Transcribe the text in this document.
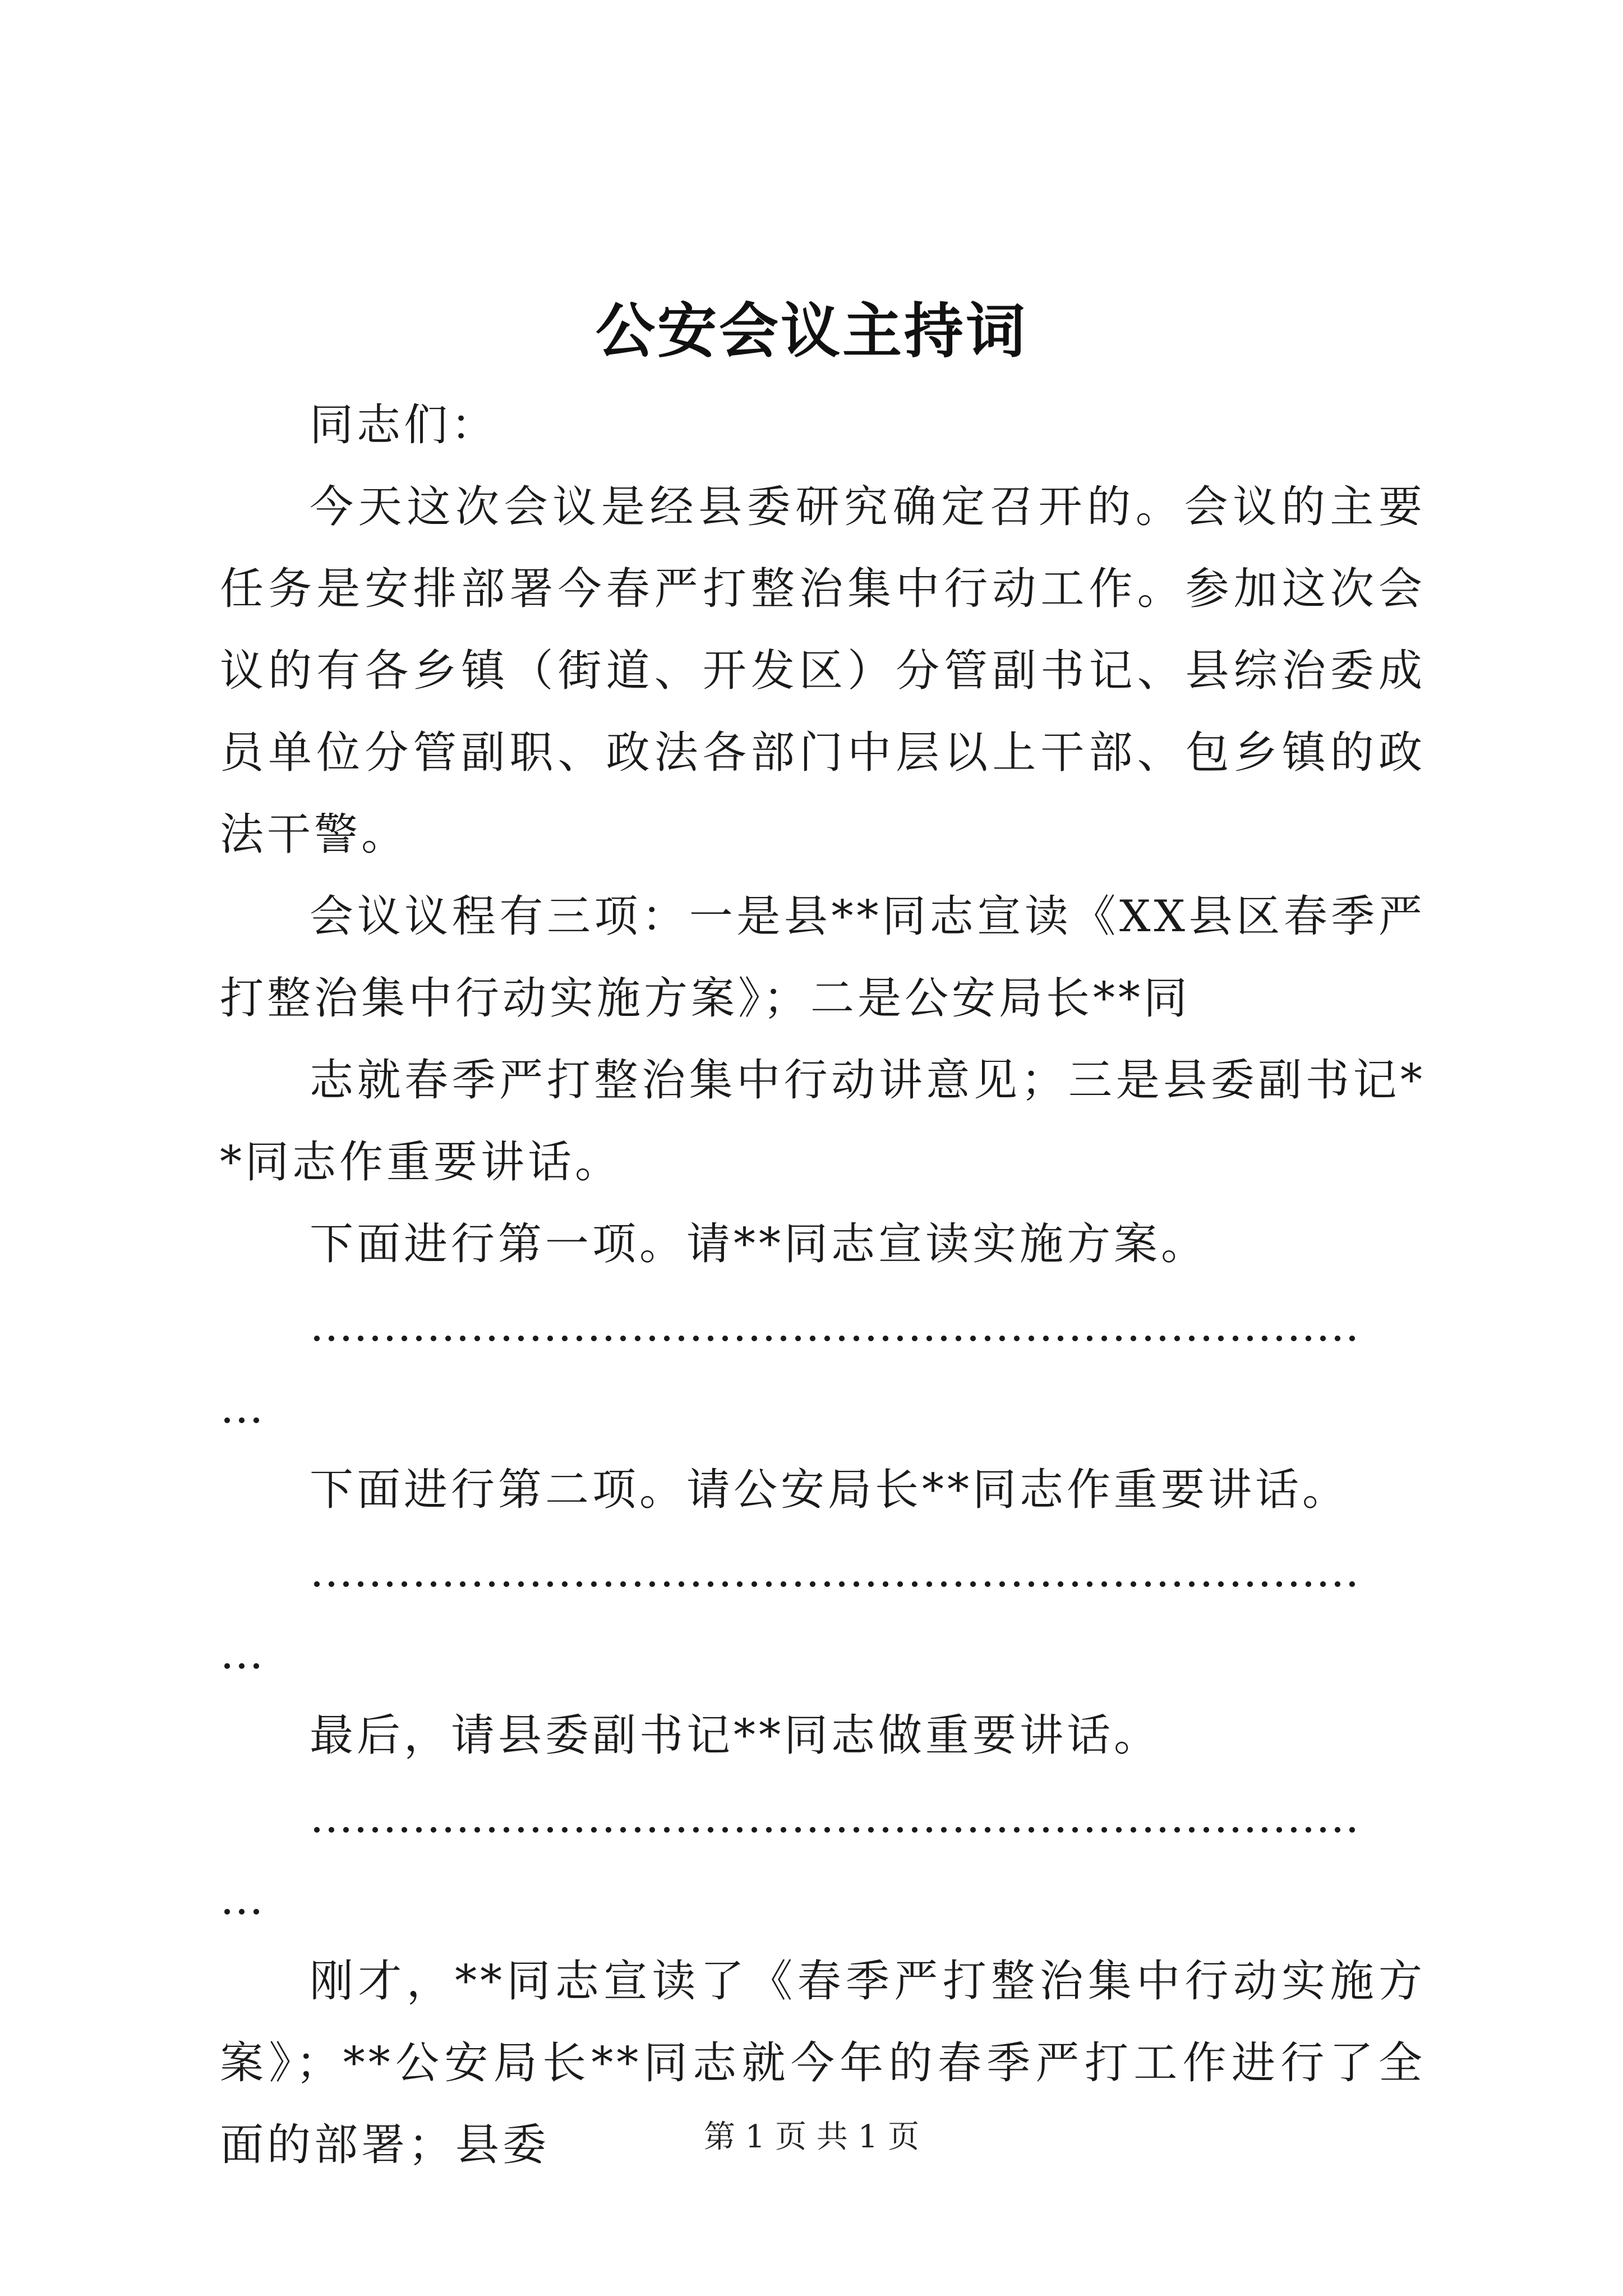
公安会议主持词

同志们：

今天这次会议是经县委研究确定召开的。会议的主要任务是安排部署今春严打整治集中行动工作。参加这次会议的有各乡镇（街道、开发区）分管副书记、县综治委成员单位分管副职、政法各部门中层以上干部、包乡镇的政法干警。

会议议程有三项：一是县**同志宣读《XX县区春季严打整治集中行动实施方案》；二是公安局长**同

志就春季严打整治集中行动讲意见；三是县委副书记**同志作重要讲话。

下面进行第一项。请**同志宣读实施方案。

………………………………………………………………

…

下面进行第二项。请公安局长**同志作重要讲话。

………………………………………………………………

…

最后，请县委副书记**同志做重要讲话。

………………………………………………………………

…

刚才，**同志宣读了《春季严打整治集中行动实施方案》；**公安局长**同志就今年的春季严打工作进行了全面的部署；县委	第 1 页 共 1 页
